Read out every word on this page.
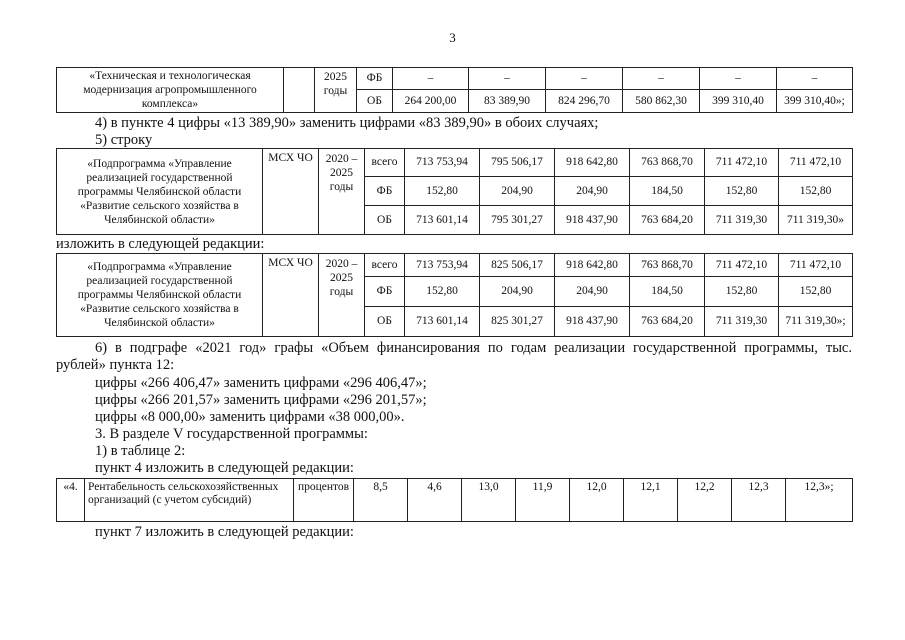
3
«Техническая и технологическая модернизация агропромышленного комплекса»		2025 годы	ФБ	–	–	–	–	–	–
			ОБ	264 200,00	83 389,90	824 296,70	580 862,30	399 310,40	399 310,40»;
4) в пункте 4 цифры «13 389,90» заменить цифрами «83 389,90» в обоих случаях;
5) строку
«Подпрограмма «Управление реализацией государственной программы Челябинской области «Развитие сельского хозяйства в Челябинской области»	МСХ ЧО	2020 – 2025 годы	всего	713 753,94	795 506,17	918 642,80	763 868,70	711 472,10	711 472,10
			ФБ	152,80	204,90	204,90	184,50	152,80	152,80
			ОБ	713 601,14	795 301,27	918 437,90	763 684,20	711 319,30	711 319,30»
изложить в следующей редакции:
«Подпрограмма «Управление реализацией государственной программы Челябинской области «Развитие сельского хозяйства в Челябинской области»	МСХ ЧО	2020 – 2025 годы	всего	713 753,94	825 506,17	918 642,80	763 868,70	711 472,10	711 472,10
			ФБ	152,80	204,90	204,90	184,50	152,80	152,80
			ОБ	713 601,14	825 301,27	918 437,90	763 684,20	711 319,30	711 319,30»;
6) в подграфе «2021 год» графы «Объем финансирования по годам реализации государственной программы, тыс.
рублей» пункта 12:
цифры «266 406,47» заменить цифрами «296 406,47»;
цифры «266 201,57» заменить цифрами «296 201,57»;
цифры «8 000,00» заменить цифрами «38 000,00».
3. В разделе V государственной программы:
1) в таблице 2:
пункт 4 изложить в следующей редакции:
«4.	Рентабельность сельскохозяйственных организаций (с учетом субсидий)	процентов	8,5	4,6	13,0	11,9	12,0	12,1	12,2	12,3	12,3»;
пункт 7 изложить в следующей редакции:
